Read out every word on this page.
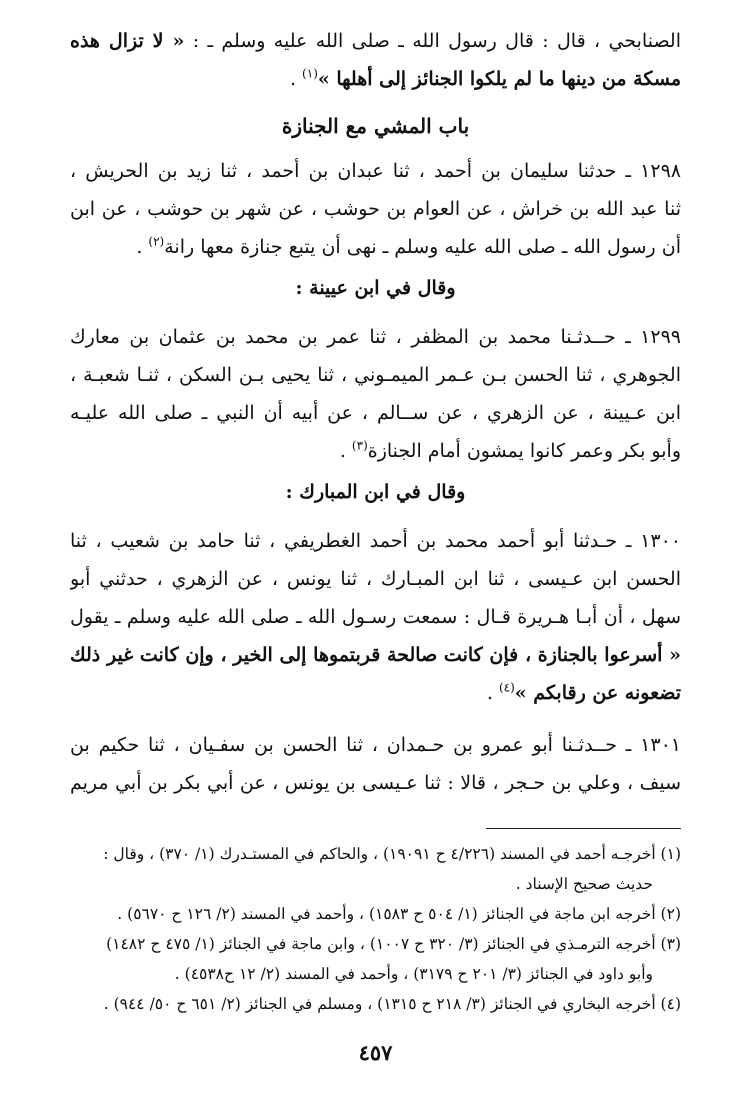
الصنابحي ، قال : قال رسول الله ـ صلى الله عليه وسلم ـ : « لا تزال هذه
مسكة من دينها ما لم يلكوا الجنائز إلى أهلها »$^{(١)}$ .
باب المشي مع الجنازة
١٢٩٨ ـ حدثنا سليمان بن أحمد ، ثنا عبدان بن أحمد ، ثنا زيد بن الحريش ،
ثنا عبد الله بن خراش ، عن العوام بن حوشب ، عن شهر بن حوشب ، عن ابن
أن رسول الله ـ صلى الله عليه وسلم ـ نهى أن يتبع جنازة معها رانة$^{(٢)}$ .
وقال في ابن عيينة :
١٢٩٩ ـ حــدثـنا محمد بن المظفر ، ثنا عمر بن محمد بن عثمان بن معارك
الجوهري ، ثنا الحسن بـن عـمر الميمـوني ، ثنا يحيى بـن السكن ، ثنـا شعبـة ،
ابن عـيينة ، عن الزهري ، عن ســالم ، عن أبيه أن النبي ـ صلى الله عليـه
وأبو بكر وعمر كانوا يمشون أمام الجنازة$^{(٣)}$ .
وقال في ابن المبارك :
١٣٠٠ ـ حـدثنا أبو أحمد محمد بن أحمد الغطريفي ، ثنا حامد بن شعيب ، ثنا
الحسن ابن عـيسى ، ثنا ابن المبـارك ، ثنا يونس ، عن الزهري ، حدثني أبو
سهل ، أن أبـا هـريرة قـال : سمعت رسـول الله ـ صلى الله عليه وسلم ـ يقول
« أسرعوا بالجنازة ، فإن كانت صالحة قربتموها إلى الخير ، وإن كانت غير ذلك
تضعونه عن رقابكم »$^{(٤)}$ .
١٣٠١ ـ حــدثـنا أبو عمرو بن حـمدان ، ثنا الحسن بن سفـيان ، ثنا حكيم بن
سيف ، وعلي بن حـجر ، قالا : ثنا عـيسى بن يونس ، عن أبي بكر بن أبي مريم
(١) أخرجـه أحمد في المسند (٤/٢٢٦ ح ١٩٠٩١) ، والحاكم في المستـدرك (١/ ٣٧٠) ، وقال :
حديث صحيح الإسناد .
(٢) أخرجه ابن ماجة في الجنائز (١/ ٥٠٤ ح ١٥٨٣) ، وأحمد في المسند (٢/ ١٢٦ ح ٥٦٧٠) .
(٣) أخرجه الترمـذي في الجنائز (٣/ ٣٢٠ ح ١٠٠٧) ، وابن ماجة في الجنائز (١/ ٤٧٥ ح ١٤٨٢)
وأبو داود في الجنائز (٣/ ٢٠١ ح ٣١٧٩) ، وأحمد في المسند (٢/ ١٢ ح٤٥٣٨) .
(٤) أخرجه البخاري في الجنائز (٣/ ٢١٨ ح ١٣١٥) ، ومسلم في الجنائز (٢/ ٦٥١ ح ٥٠/ ٩٤٤) .
٤٥٧
